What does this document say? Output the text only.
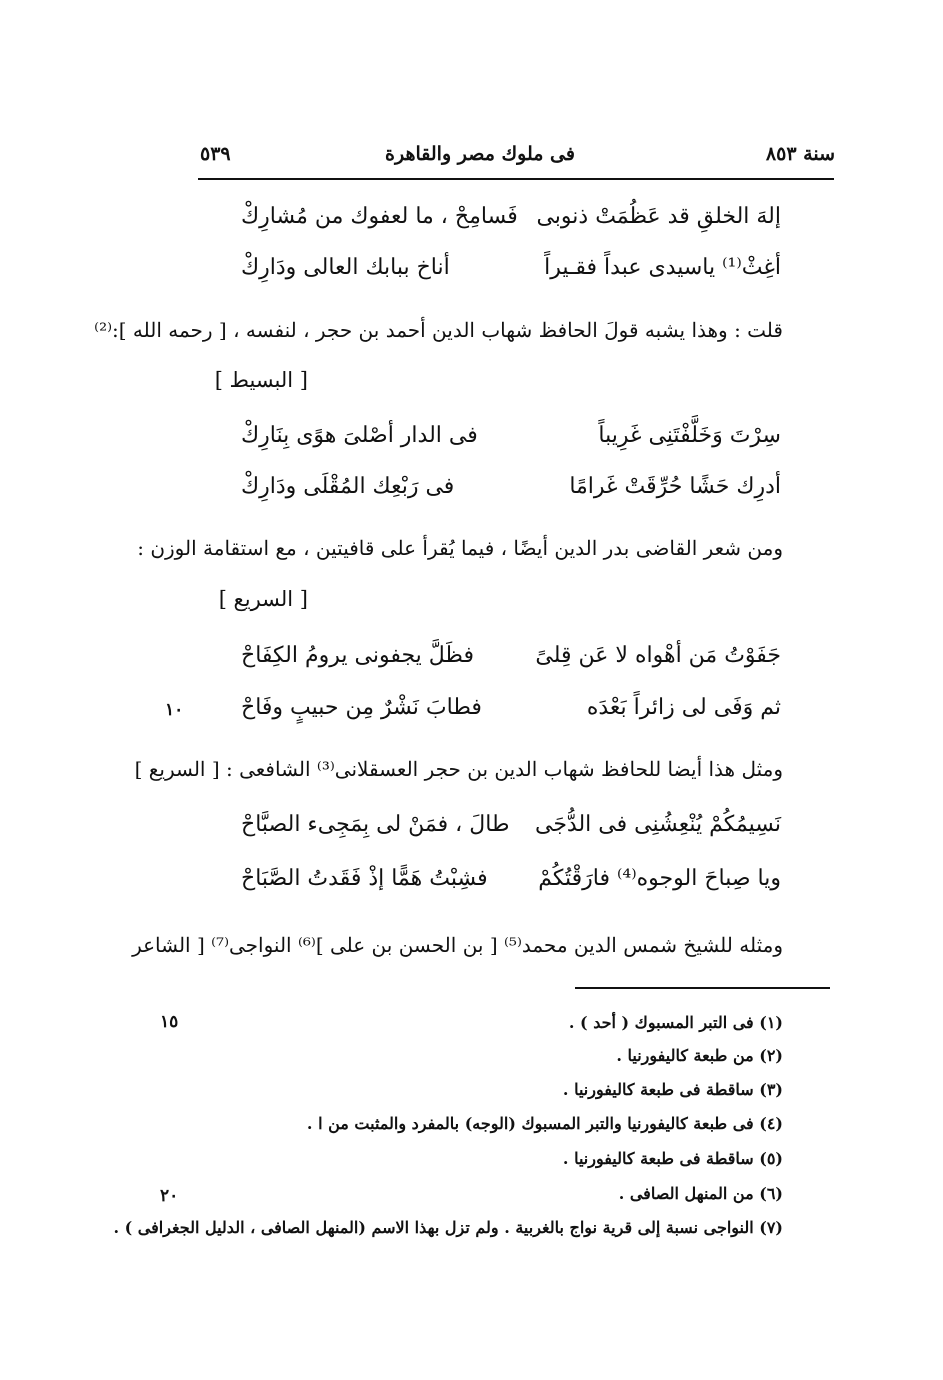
سنة ٨٥٣
فى ملوك مصر والقاهرة
٥٣٩
إلهَ الخلقِ قد عَظُمَتْ ذنوبى
فَسامِحْ ، ما لعفوك من مُشارِكْ
أغِثْ⁽¹⁾ ياسيدى عبداً فقـيراً
أناخ ببابك العالى ودَارِكْ
قلت : وهذا يشبه قولَ الحافظ شهاب الدين أحمد بن حجر ، لنفسه ، [ رحمه الله ]:⁽²⁾
[ البسيط ]
سِرْتَ وَخَلَّفْتَنِى غَرِيباً
فى الدار أصْلىَ هوًى بِنَارِكْ
أدرِك حَشًا حُرِّقَتْ غَرامًا
فى رَبْعِك المُقْلَى ودَارِكْ
ومن شعر القاضى بدر الدين أيضًا ، فيما يُقرأ على قافيتين ، مع استقامة الوزن :
[ السريع ]
جَفَوْتُ مَن أهْواه لا عَن قِلىً
فظَلَّ يجفونى يرومُ الكِفَاحْ
ثم وَفَى لى زائراً بَعْدَه
فطابَ نَشْرٌ مِن حبيبٍ وفَاحْ
ومثل هذا أيضا للحافظ شهاب الدين بن حجر العسقلانى⁽³⁾ الشافعى : [ السريع ]
نَسِيمُكُمْ يُنْعِشُنِى فى الدُّجَى
طالَ ، فمَنْ لى بِمَجِىء الصبَّاحْ
ويا صِباحَ الوجوه⁽⁴⁾ فارَقْتُكُمْ
فشِبْتُ هَمًّا إذْ فَقَدتُ الصَّبَاحْ
ومثله للشيخ شمس الدين محمد⁽⁵⁾ [ بن الحسن بن على ]⁽⁶⁾ النواجى⁽⁷⁾ [ الشاعر
١٠
١٥
٢٠
(١) فى التبر المسبوك ( أحد ) .
(٢) من طبعة كاليفورنيا .
(٣) ساقطة فى طبعة كاليفورنيا .
(٤) فى طبعة كاليفورنيا والتبر المسبوك (الوجه) بالمفرد والمثبت من ا .
(٥) ساقطة فى طبعة كاليفورنيا .
(٦) من المنهل الصافى .
(٧) النواجى نسبة إلى قرية نواج بالغربية . ولم تزل بهذا الاسم (المنهل الصافى ، الدليل الجغرافى ) .
